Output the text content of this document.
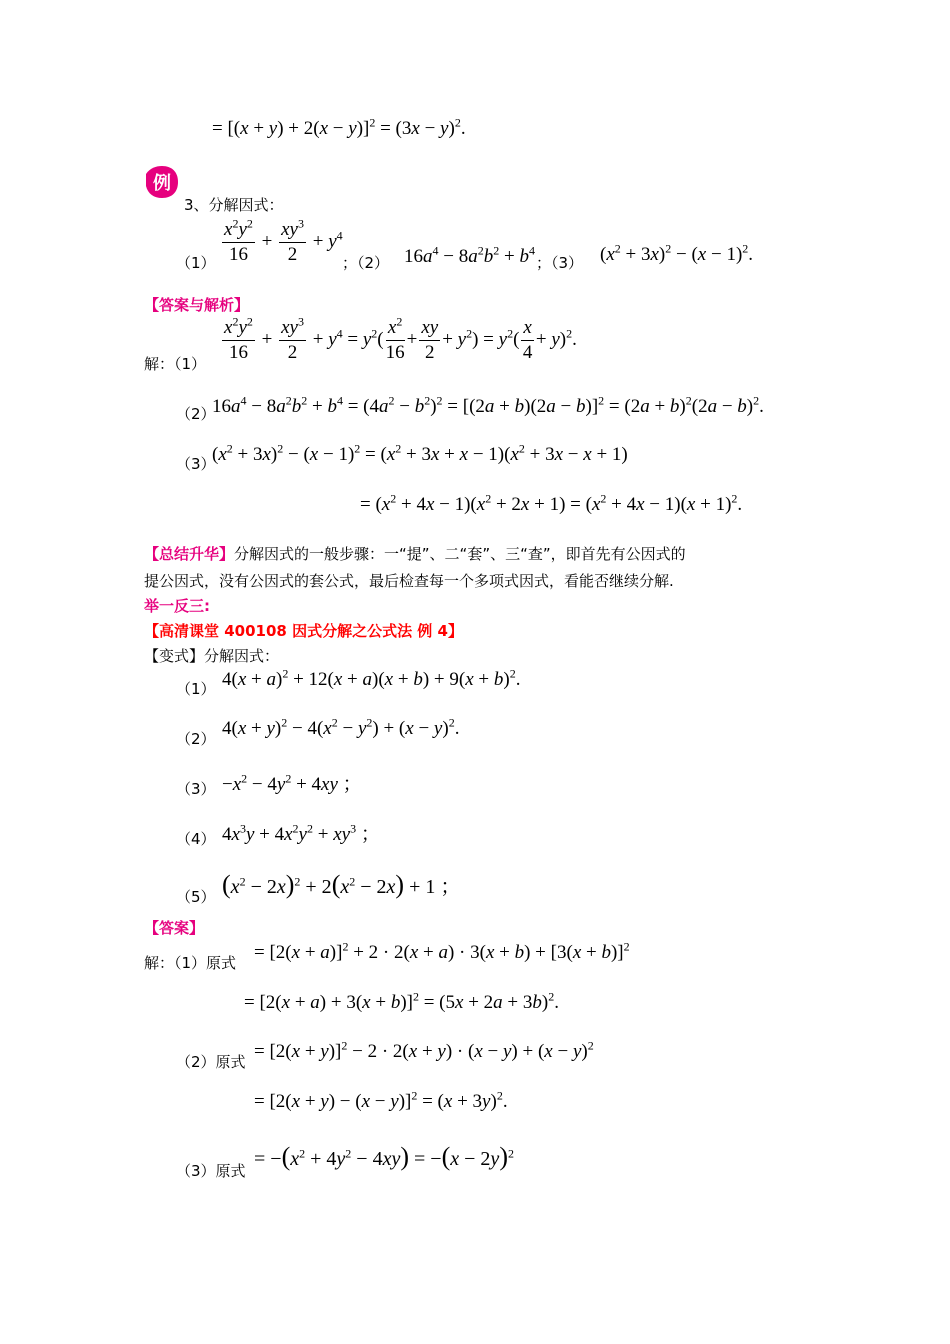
= $[(x + y) + 2(x - y)]^2 = (3x - y)^2$.
例
3、分解因式：
$(1) \frac{x^2y^2}{16} + \frac{xy^3}{2} + y^4$
；（2） $16a^4 - 8a^2b^2 + b^4$
；（3） $(x^2 + 3x)^2 - (x - 1)^2$.
【答案与解析】
解：（1）
$\frac{x^2y^2}{16} + \frac{xy^3}{2} + y^4 = y^2( \frac{x^2}{16} + \frac{xy}{2} + y^2) = y^2( \frac{x}{4} + y)^2$.
（2）
$16a^4 - 8a^2b^2 + b^4 = (4a^2 - b^2)^2 = [(2a + b)(2a - b)]^2 = (2a + b)^2(2a - b)^2$.
（3）
$(x^2 + 3x)^2 - (x - 1)^2 = (x^2 + 3x + x - 1)(x^2 + 3x - x + 1)$
= $(x^2 + 4x - 1)(x^2 + 2x + 1) = (x^2 + 4x - 1)(x + 1)^2$.
【总结升华】分解因式的一般步骤：一“提”、二“套”、三“查”，即首先有公因式的
提公因式，没有公因式的套公式，最后检查每一个多项式因式，看能否继续分解.
举一反三:
【高清课堂 400108 因式分解之公式法 例 4】
【变式】分解因式：
（1） $4(x + a)^2 + 12(x + a)(x + b) + 9(x + b)^2$.
（2） $4(x + y)^2 - 4(x^2 - y^2) + (x - y)^2$.
$(3) -x^2 - 4y^2 + 4xy$ ；
（4） $4x^3y + 4x^2y^2 + xy^3$ ；
（5） $(x^2 - 2x)^2 + 2(x^2 - 2x) + 1$ ；
【答案】
解：（1）原式 = $[2(x + a)]^2 + 2 \cdot 2(x + a) \cdot 3(x + b) + [3(x + b)]^2$
= $[2(x + a) + 3(x + b)]^2 = (5x + 2a + 3b)^2$.
（2）原式 = $[2(x + y)]^2 - 2 \cdot 2(x + y) \cdot (x - y) + (x - y)^2$
= $[2(x + y) - (x - y)]^2 = (x + 3y)^2$.
（3）原式
= $-(x^2 + 4y^2 - 4xy) = -(x - 2y)^2$
